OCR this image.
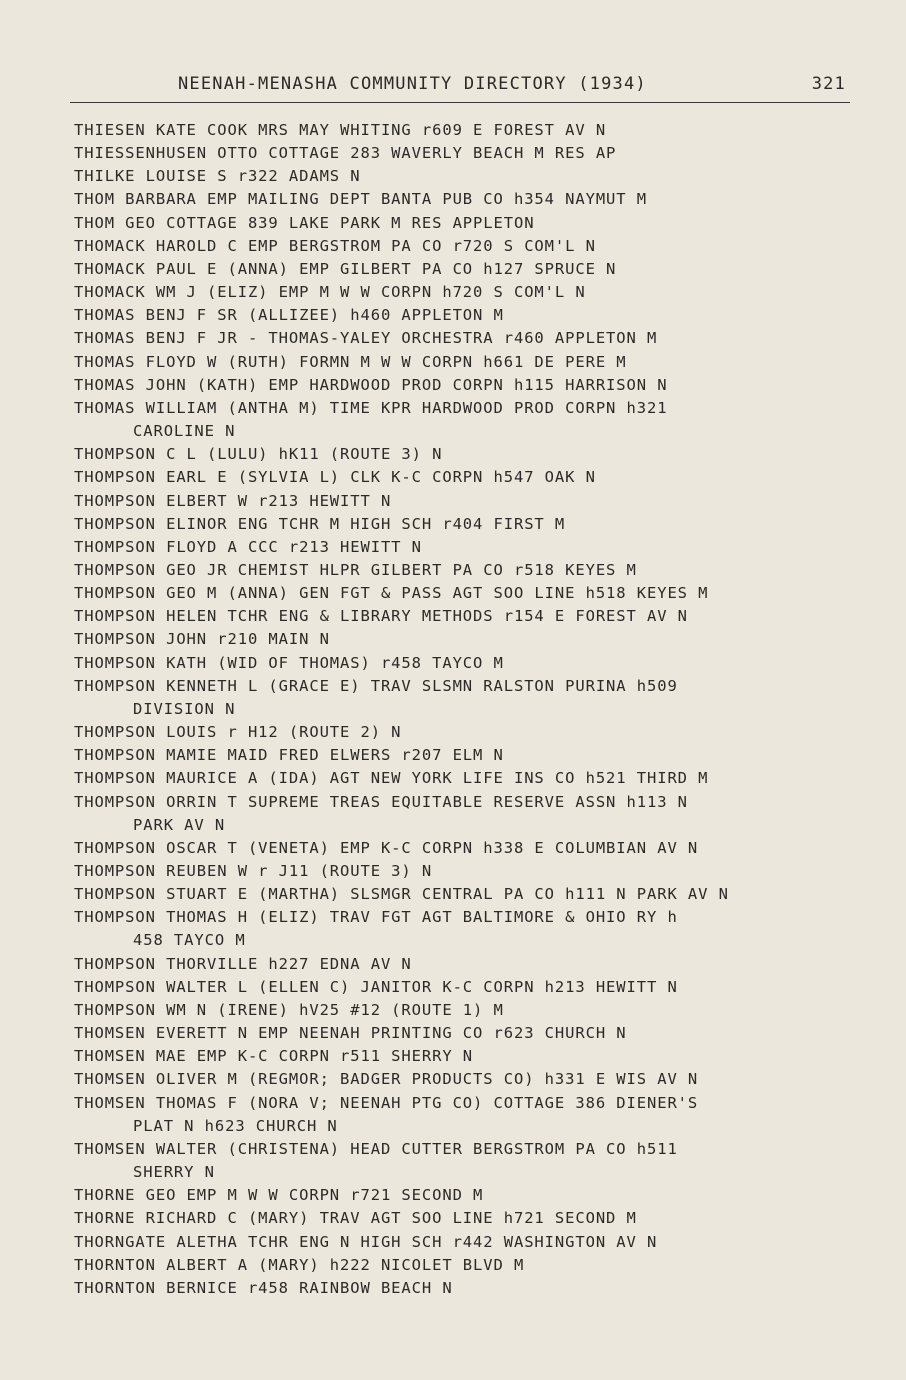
NEENAH-MENASHA COMMUNITY DIRECTORY (1934)	321
THIESEN KATE COOK MRS MAY WHITING r609 E FOREST AV N
THIESSENHUSEN OTTO COTTAGE 283 WAVERLY BEACH M RES AP
THILKE LOUISE S r322 ADAMS N
THOM BARBARA EMP MAILING DEPT BANTA PUB CO h354 NAYMUT M
THOM GEO COTTAGE 839 LAKE PARK M RES APPLETON
THOMACK HAROLD C EMP BERGSTROM PA CO r720 S COM'L N
THOMACK PAUL E (ANNA) EMP GILBERT PA CO h127 SPRUCE N
THOMACK WM J (ELIZ) EMP M W W CORPN h720 S COM'L N
THOMAS BENJ F SR (ALLIZEE) h460 APPLETON M
THOMAS BENJ F JR - THOMAS-YALEY ORCHESTRA r460 APPLETON M
THOMAS FLOYD W (RUTH) FORMN M W W CORPN h661 DE PERE M
THOMAS JOHN (KATH) EMP HARDWOOD PROD CORPN h115 HARRISON N
THOMAS WILLIAM (ANTHA M) TIME KPR HARDWOOD PROD CORPN h321
CAROLINE N
THOMPSON C L (LULU) hK11 (ROUTE 3) N
THOMPSON EARL E (SYLVIA L) CLK K-C CORPN h547 OAK N
THOMPSON ELBERT W r213 HEWITT N
THOMPSON ELINOR ENG TCHR M HIGH SCH r404 FIRST M
THOMPSON FLOYD A CCC r213 HEWITT N
THOMPSON GEO JR CHEMIST HLPR GILBERT PA CO r518 KEYES M
THOMPSON GEO M (ANNA) GEN FGT & PASS AGT SOO LINE h518 KEYES M
THOMPSON HELEN TCHR ENG & LIBRARY METHODS r154 E FOREST AV N
THOMPSON JOHN r210 MAIN N
THOMPSON KATH (WID OF THOMAS) r458 TAYCO M
THOMPSON KENNETH L (GRACE E) TRAV SLSMN RALSTON PURINA h509
DIVISION N
THOMPSON LOUIS r H12 (ROUTE 2) N
THOMPSON MAMIE MAID FRED ELWERS r207 ELM N
THOMPSON MAURICE A (IDA) AGT NEW YORK LIFE INS CO h521 THIRD M
THOMPSON ORRIN T SUPREME TREAS EQUITABLE RESERVE ASSN h113 N
PARK AV N
THOMPSON OSCAR T (VENETA) EMP K-C CORPN h338 E COLUMBIAN AV N
THOMPSON REUBEN W r J11 (ROUTE 3) N
THOMPSON STUART E (MARTHA) SLSMGR CENTRAL PA CO h111 N PARK AV N
THOMPSON THOMAS H (ELIZ) TRAV FGT AGT BALTIMORE & OHIO RY h
458 TAYCO M
THOMPSON THORVILLE h227 EDNA AV N
THOMPSON WALTER L (ELLEN C) JANITOR K-C CORPN h213 HEWITT N
THOMPSON WM N (IRENE) hV25 #12 (ROUTE 1) M
THOMSEN EVERETT N EMP NEENAH PRINTING CO r623 CHURCH N
THOMSEN MAE EMP K-C CORPN r511 SHERRY N
THOMSEN OLIVER M (REGMOR; BADGER PRODUCTS CO) h331 E WIS AV N
THOMSEN THOMAS F (NORA V; NEENAH PTG CO) COTTAGE 386 DIENER'S
PLAT N h623 CHURCH N
THOMSEN WALTER (CHRISTENA) HEAD CUTTER BERGSTROM PA CO h511
SHERRY N
THORNE GEO EMP M W W CORPN r721 SECOND M
THORNE RICHARD C (MARY) TRAV AGT SOO LINE h721 SECOND M
THORNGATE ALETHA TCHR ENG N HIGH SCH r442 WASHINGTON AV N
THORNTON ALBERT A (MARY) h222 NICOLET BLVD M
THORNTON BERNICE r458 RAINBOW BEACH N
